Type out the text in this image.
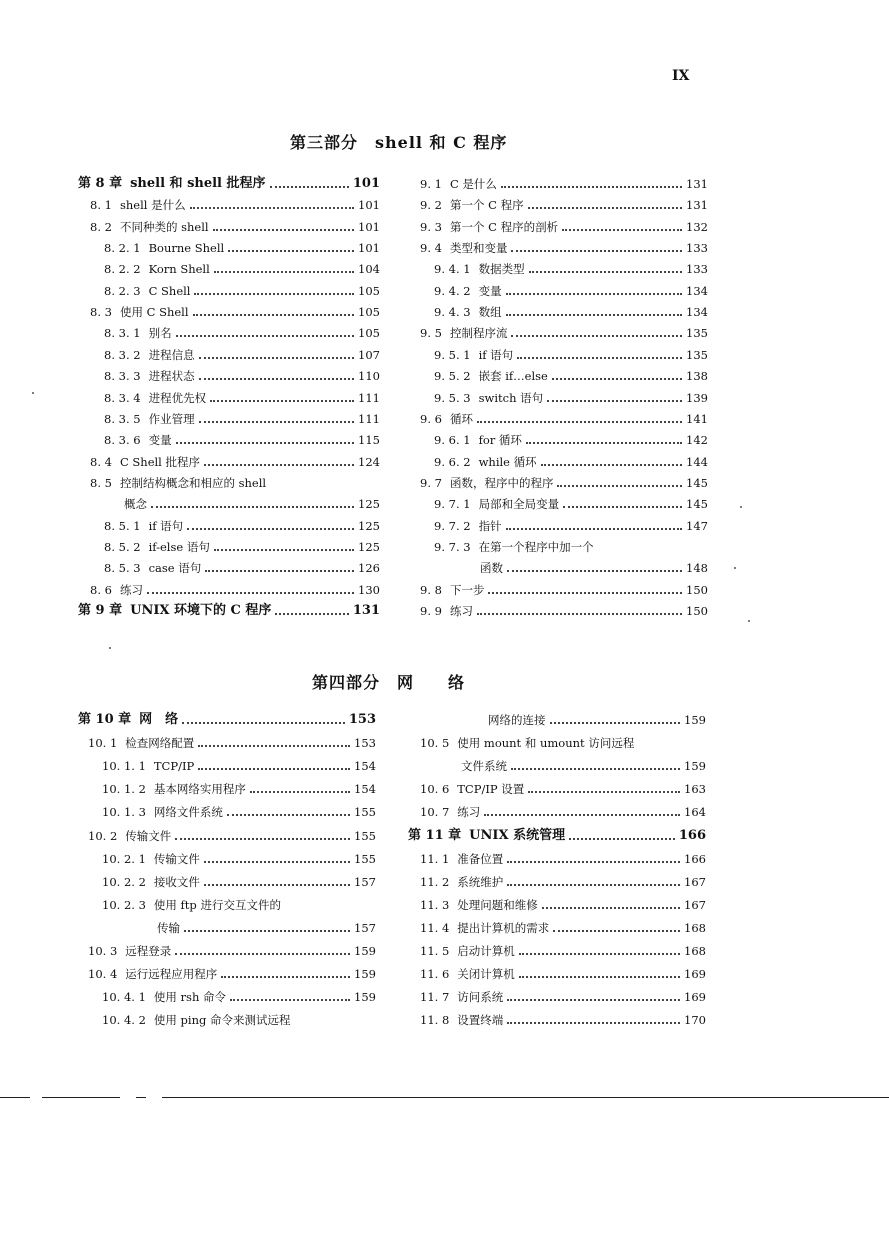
IX
第三部分　shell 和 C 程序
第 8 章 shell 和 shell 批程序	101
8. 1 shell 是什么	101
8. 2 不同种类的 shell	101
8. 2. 1 Bourne Shell	101
8. 2. 2 Korn Shell	104
8. 2. 3 C Shell	105
8. 3 使用 C Shell	105
8. 3. 1 别名	105
8. 3. 2 进程信息	107
8. 3. 3 进程状态	110
8. 3. 4 进程优先权	111
8. 3. 5 作业管理	111
8. 3. 6 变量	115
8. 4 C Shell 批程序	124
8. 5 控制结构概念和相应的 shell
概念	125
8. 5. 1 if 语句	125
8. 5. 2 if-else 语句	125
8. 5. 3 case 语句	126
8. 6 练习	130
第 9 章 UNIX 环境下的 C 程序	131
9. 1 C 是什么	131
9. 2 第一个 C 程序	131
9. 3 第一个 C 程序的剖析	132
9. 4 类型和变量	133
9. 4. 1 数据类型	133
9. 4. 2 变量	134
9. 4. 3 数组	134
9. 5 控制程序流	135
9. 5. 1 if 语句	135
9. 5. 2 嵌套 if…else	138
9. 5. 3 switch 语句	139
9. 6 循环	141
9. 6. 1 for 循环	142
9. 6. 2 while 循环	144
9. 7 函数，程序中的程序	145
9. 7. 1 局部和全局变量	145
9. 7. 2 指针	147
9. 7. 3 在第一个程序中加一个
函数	148
9. 8 下一步	150
9. 9 练习	150
第四部分　网　　络
第 10 章 网　络	153
10. 1 检查网络配置	153
10. 1. 1 TCP/IP	154
10. 1. 2 基本网络实用程序	154
10. 1. 3 网络文件系统	155
10. 2 传输文件	155
10. 2. 1 传输文件	155
10. 2. 2 接收文件	157
10. 2. 3 使用 ftp 进行交互文件的
传输	157
10. 3 远程登录	159
10. 4 运行远程应用程序	159
10. 4. 1 使用 rsh 命令	159
10. 4. 2 使用 ping 命令来测试远程
网络的连接	159
10. 5 使用 mount 和 umount 访问远程
文件系统	159
10. 6 TCP/IP 设置	163
10. 7 练习	164
第 11 章 UNIX 系统管理	166
11. 1 准备位置	166
11. 2 系统维护	167
11. 3 处理问题和维修	167
11. 4 提出计算机的需求	168
11. 5 启动计算机	168
11. 6 关闭计算机	169
11. 7 访问系统	169
11. 8 设置终端	170
